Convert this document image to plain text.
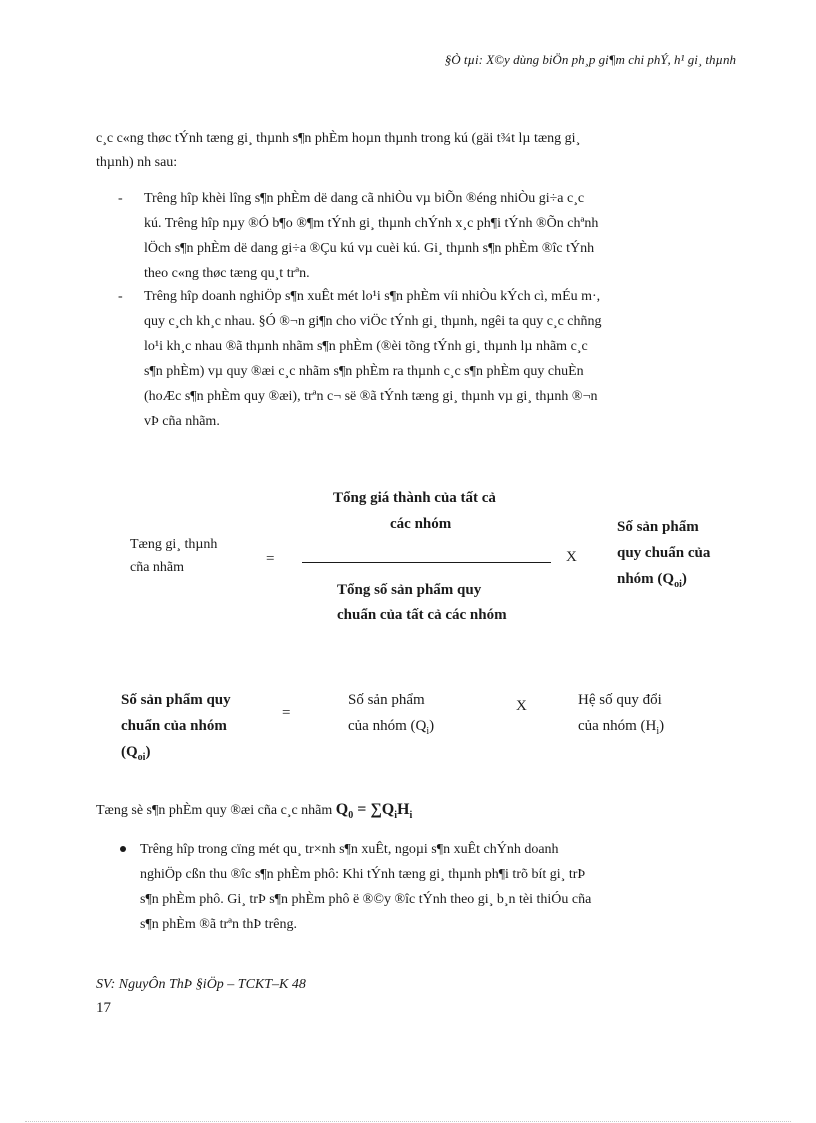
§Ò tµi: X©y dùng biÖn ph¸p gi¶m chi phÝ, h¹ gi¸ thµnh
c¸c c«ng thøc tÝnh tæng gi¸ thµnh s¶n phÈm hoµn thµnh trong kú (gäi t¾t lµ tæng gi¸
thµnh) nh sau:
- Trêng hîp khèi lîng s¶n phÈm dë dang cã nhiÒu vµ biÕn ®éng nhiÒu gi÷a c¸c
kú. Trêng hîp nµy ®Ó b¶o ®¶m tÝnh gi¸ thµnh chÝnh x¸c ph¶i tÝnh ®Õn chªnh
lÖch s¶n phÈm dë dang gi÷a ®Çu kú vµ cuèi kú. Gi¸ thµnh s¶n phÈm ®îc tÝnh
theo c«ng thøc tæng qu¸t trªn.
- Trêng hîp doanh nghiÖp s¶n xuÊt mét lo¹i s¶n phÈm víi nhiÒu kÝch cì, mÉu m·,
quy c¸ch kh¸c nhau. §Ó ®¬n gi¶n cho viÖc tÝnh gi¸ thµnh, ngêi ta quy c¸c chñng
lo¹i kh¸c nhau ®ã thµnh nhãm s¶n phÈm (®èi tõng tÝnh gi¸ thµnh lµ nhãm c¸c
s¶n phÈm) vµ quy ®æi c¸c nhãm s¶n phÈm ra thµnh c¸c s¶n phÈm quy chuÈn
(hoÆc s¶n phÈm quy ®æi), trªn c¬ së ®ã tÝnh tæng gi¸ thµnh vµ gi¸ thµnh ®¬n
vÞ cña nhãm.
Tæng gi¸ thµnh
cña nhãm
=
Tổng giá thành của tất cả
các nhóm
Tổng số sản phẩm quy
chuẩn của tất cả các nhóm
X
Số sản phẩm
quy chuẩn của
nhóm $(Q_{oi})$
Số sản phẩm quy
chuẩn của nhóm
$(Q_{oi})$
=
Số sản phẩm
của nhóm $(Q_i)$
X	Hệ số quy đổi
của nhóm $(H_i)$
Tæng sè s¶n phÈm quy ®æi cña c¸c nhãm $Q_0 = \sum Q_iH_i$
Trêng hîp trong cïng mét qu¸ tr×nh s¶n xuÊt, ngoµi s¶n xuÊt chÝnh doanh
nghiÖp cßn thu ®îc s¶n phÈm phô: Khi tÝnh tæng gi¸ thµnh ph¶i trõ bít gi¸ trÞ
s¶n phÈm phô. Gi¸ trÞ s¶n phÈm phô ë ®©y ®îc tÝnh theo gi¸ b¸n tèi thiÓu cña
s¶n phÈm ®ã trªn thÞ trêng.
SV: NguyÔn ThÞ §iÖp – TCKT–K 48
17
